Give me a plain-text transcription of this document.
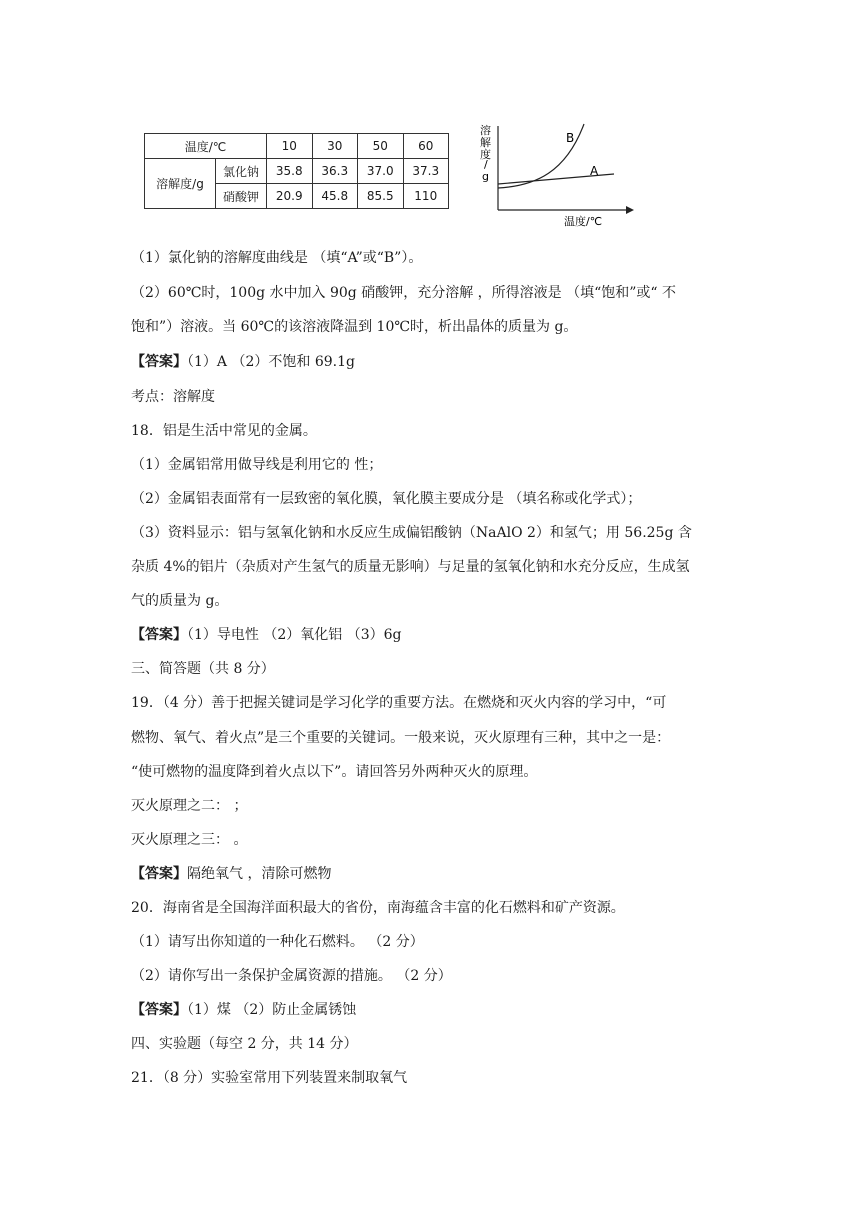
温度/℃		10	30	50	60
溶解度/g	氯化钠	35.8	36.3	37.0	37.3
	硝酸钾	20.9	45.8	85.5	110
溶
解
度
/
g
B
A
温度/℃
（1）氯化钠的溶解度曲线是 （填“A”或“B”）。
（2）60℃时，100g 水中加入 90g 硝酸钾，充分溶解 ，所得溶液是 （填“饱和”或“ 不
饱和”）溶液。当 60℃的该溶液降温到 10℃时，析出晶体的质量为 g。
【答案】（1）A （2）不饱和 69.1g
考点：溶解度
18．铝是生活中常见的金属。
（1）金属铝常用做导线是利用它的 性；
（2）金属铝表面常有一层致密的氧化膜，氧化膜主要成分是 （填名称或化学式）；
（3）资料显示：铝与氢氧化钠和水反应生成偏铝酸钠（NaAlO 2）和氢气；用 56.25g 含
杂质 4%的铝片（杂质对产生氢气的质量无影响）与足量的氢氧化钠和水充分反应，生成氢
气的质量为 g。
【答案】（1）导电性 （2）氧化铝 （3）6g
三、简答题（共 8 分）
19．（4 分）善于把握关键词是学习化学的重要方法。在燃烧和灭火内容的学习中，“可
燃物、氧气、着火点”是三个重要的关键词。一般来说，灭火原理有三种，其中之一是：
“使可燃物的温度降到着火点以下”。请回答另外两种灭火的原理。
灭火原理之二： ；
灭火原理之三： 。
【答案】隔绝氧气 ，清除可燃物
20．海南省是全国海洋面积最大的省份，南海蕴含丰富的化石燃料和矿产资源。
（1）请写出你知道的一种化石燃料。 （2 分）
（2）请你写出一条保护金属资源的措施。 （2 分）
【答案】（1）煤 （2）防止金属锈蚀
四、实验题（每空 2 分，共 14 分）
21．（8 分）实验室常用下列装置来制取氧气
